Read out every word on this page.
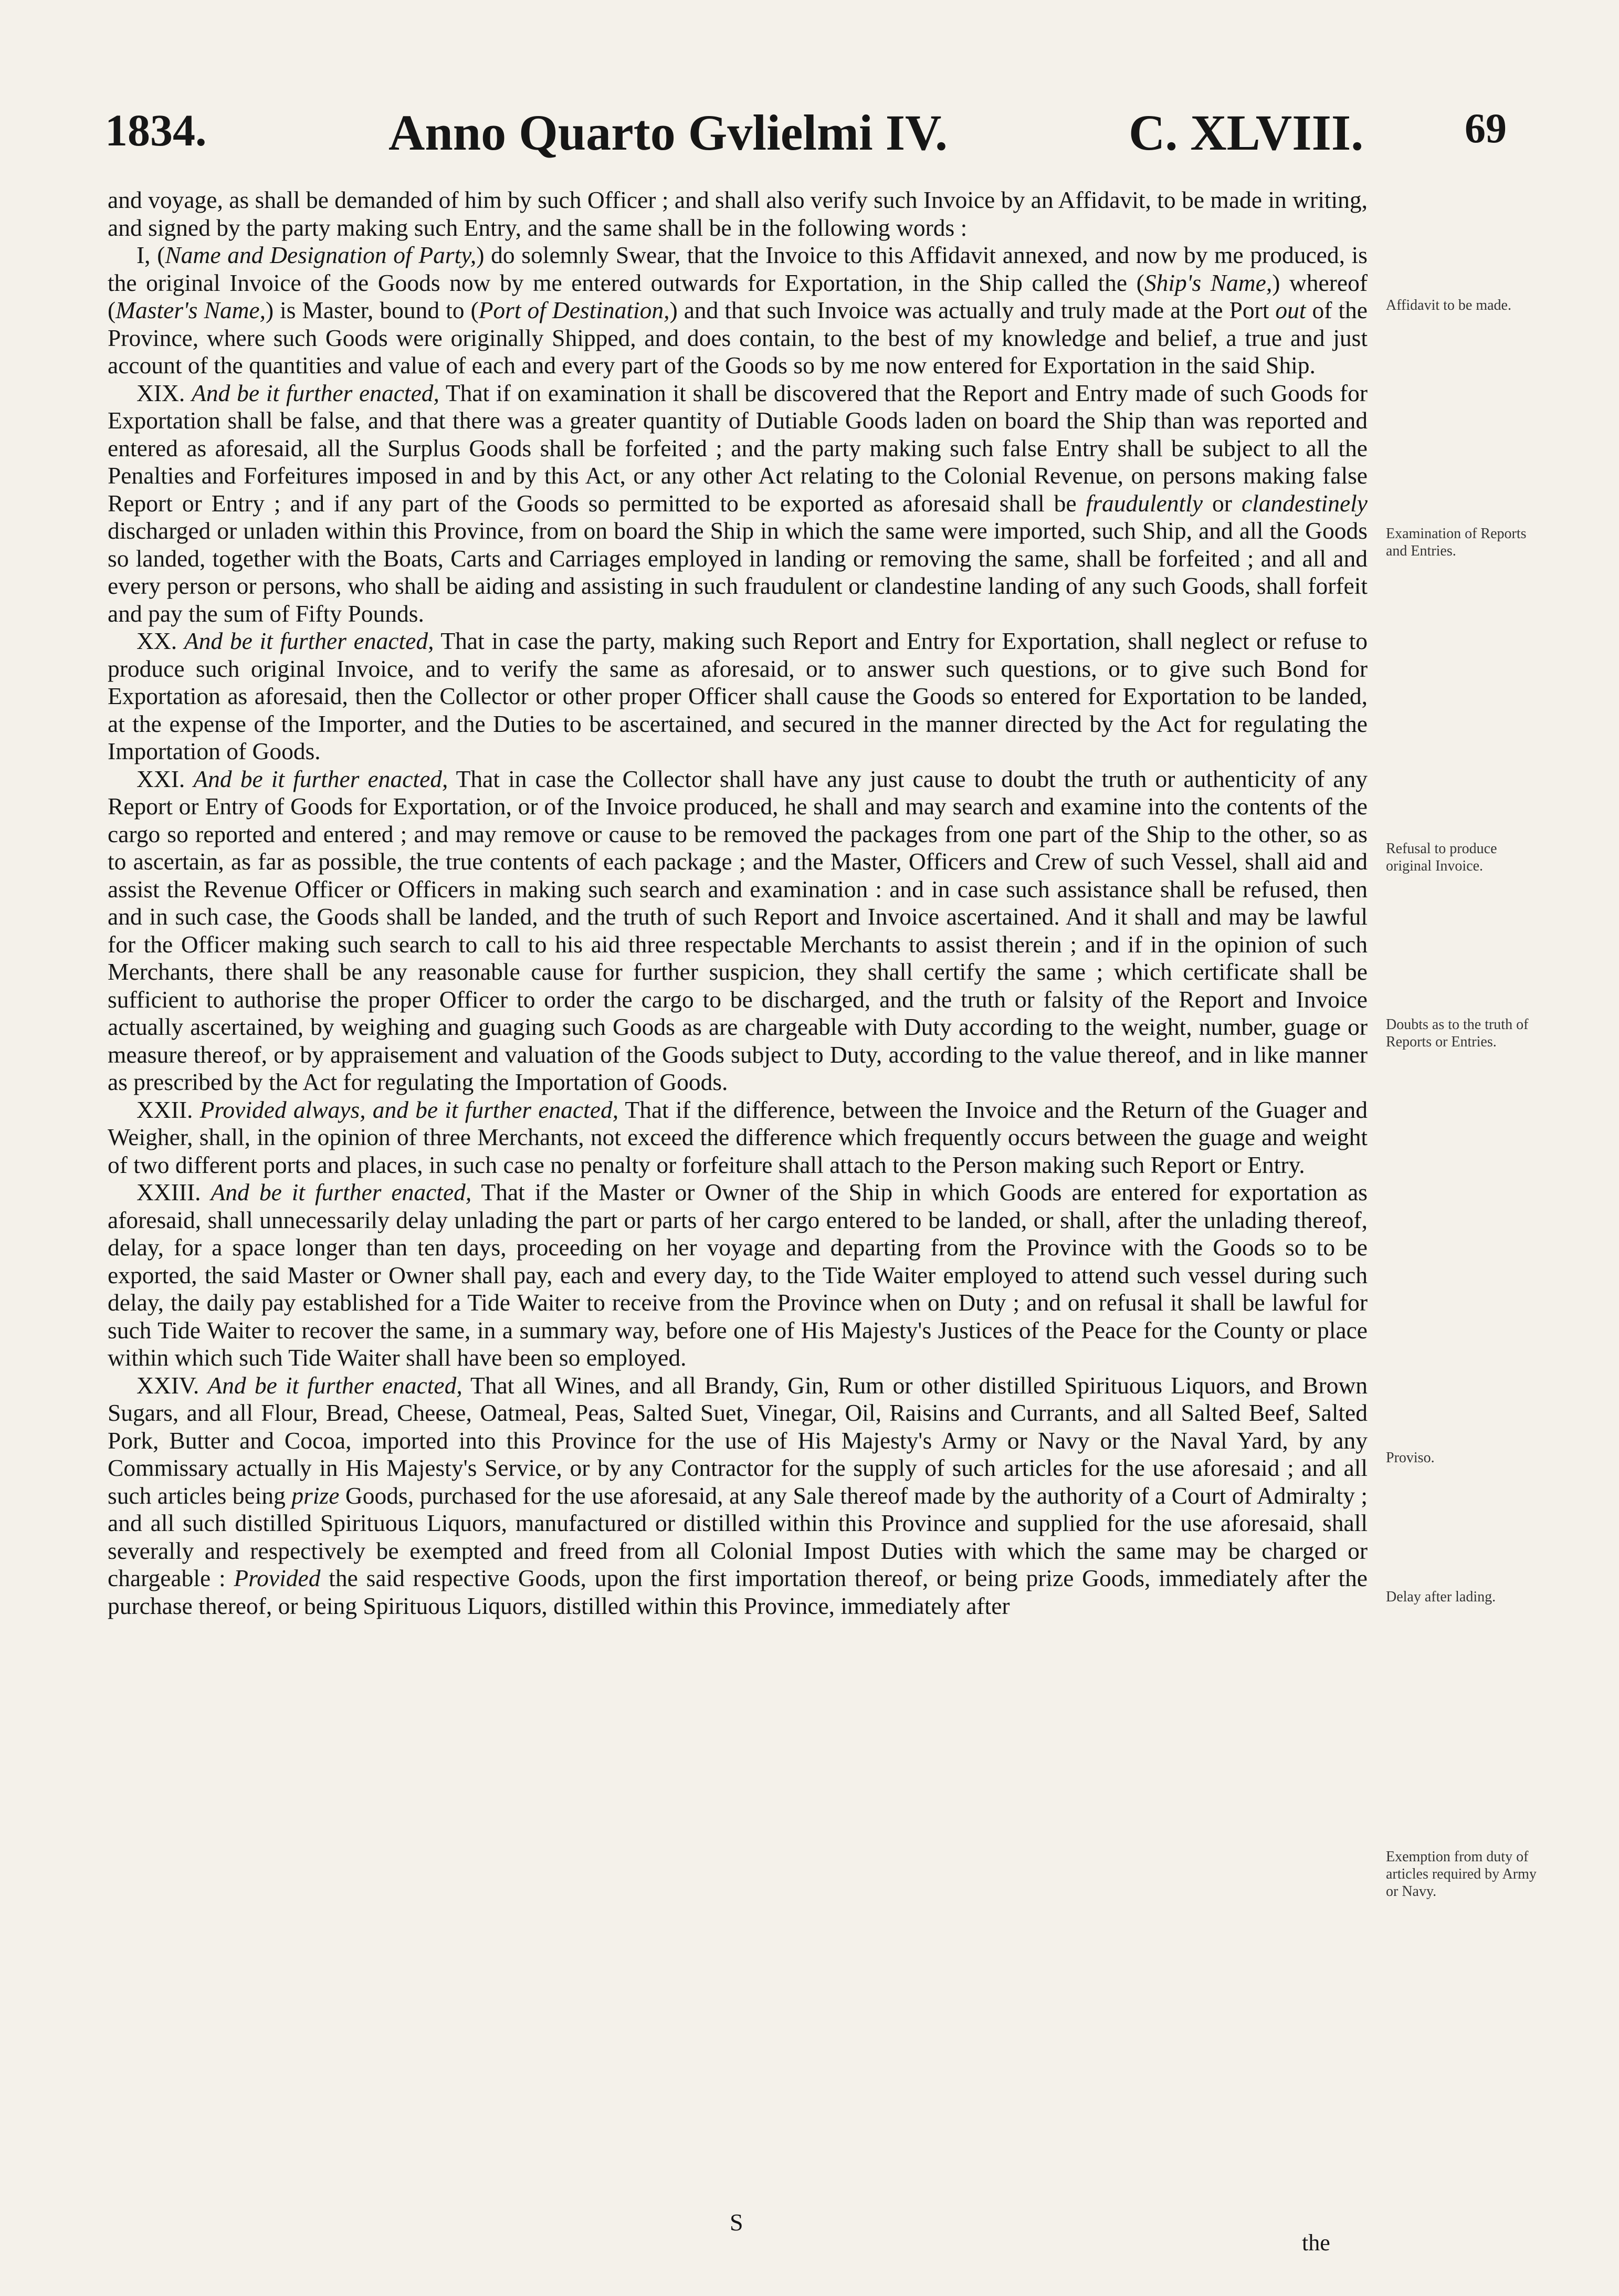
1834.	Anno Quarto Gvlielmi IV.	C. XLVIII. 69

and voyage, as shall be demanded of him by such Officer ; and shall also verify such Invoice by an Affidavit, to be made in writing, and signed by the party making such Entry, and the same shall be in the following words :

I, (Name and Designation of Party,) do solemnly Swear, that the Invoice to this Affidavit annexed, and now by me produced, is the original Invoice of the Goods now by me entered outwards for Exportation, in the Ship called the (Ship's Name,) whereof (Master's Name,) is Master, bound to (Port of Destination,) and that such Invoice was actually and truly made at the Port out of the Province, where such Goods were originally Shipped, and does contain, to the best of my knowledge and belief, a true and just account of the quantities and value of each and every part of the Goods so by me now entered for Exportation in the said Ship.

XIX. And be it further enacted, That if on examination it shall be discovered that the Report and Entry made of such Goods for Exportation shall be false, and that there was a greater quantity of Dutiable Goods laden on board the Ship than was reported and entered as aforesaid, all the Surplus Goods shall be forfeited ; and the party making such false Entry shall be subject to all the Penalties and Forfeitures imposed in and by this Act, or any other Act relating to the Colonial Revenue, on persons making false Report or Entry ; and if any part of the Goods so permitted to be exported as aforesaid shall be fraudulently or clandestinely discharged or unladen within this Province, from on board the Ship in which the same were imported, such Ship, and all the Goods so landed, together with the Boats, Carts and Carriages employed in landing or removing the same, shall be forfeited ; and all and every person or persons, who shall be aiding and assisting in such fraudulent or clandestine landing of any such Goods, shall forfeit and pay the sum of Fifty Pounds.

XX. And be it further enacted, That in case the party, making such Report and Entry for Exportation, shall neglect or refuse to produce such original Invoice, and to verify the same as aforesaid, or to answer such questions, or to give such Bond for Exportation as aforesaid, then the Collector or other proper Officer shall cause the Goods so entered for Exportation to be landed, at the expense of the Importer, and the Duties to be ascertained, and secured in the manner directed by the Act for regulating the Importation of Goods.

XXI. And be it further enacted, That in case the Collector shall have any just cause to doubt the truth or authenticity of any Report or Entry of Goods for Exportation, or of the Invoice produced, he shall and may search and examine into the contents of the cargo so reported and entered ; and may remove or cause to be removed the packages from one part of the Ship to the other, so as to ascertain, as far as possible, the true contents of each package ; and the Master, Officers and Crew of such Vessel, shall aid and assist the Revenue Officer or Officers in making such search and examination : and in case such assistance shall be refused, then and in such case, the Goods shall be landed, and the truth of such Report and Invoice ascertained. And it shall and may be lawful for the Officer making such search to call to his aid three respectable Merchants to assist therein ; and if in the opinion of such Merchants, there shall be any reasonable cause for further suspicion, they shall certify the same ; which certificate shall be sufficient to authorise the proper Officer to order the cargo to be discharged, and the truth or falsity of the Report and Invoice actually ascertained, by weighing and guaging such Goods as are chargeable with Duty according to the weight, number, guage or measure thereof, or by appraisement and valuation of the Goods subject to Duty, according to the value thereof, and in like manner as prescribed by the Act for regulating the Importation of Goods.

XXII. Provided always, and be it further enacted, That if the difference, between the Invoice and the Return of the Guager and Weigher, shall, in the opinion of three Merchants, not exceed the difference which frequently occurs between the guage and weight of two different ports and places, in such case no penalty or forfeiture shall attach to the Person making such Report or Entry.

XXIII. And be it further enacted, That if the Master or Owner of the Ship in which Goods are entered for exportation as aforesaid, shall unnecessarily delay unlading the part or parts of her cargo entered to be landed, or shall, after the unlading thereof, delay, for a space longer than ten days, proceeding on her voyage and departing from the Province with the Goods so to be exported, the said Master or Owner shall pay, each and every day, to the Tide Waiter employed to attend such vessel during such delay, the daily pay established for a Tide Waiter to receive from the Province when on Duty ; and on refusal it shall be lawful for such Tide Waiter to recover the same, in a summary way, before one of His Majesty's Justices of the Peace for the County or place within which such Tide Waiter shall have been so employed.

XXIV. And be it further enacted, That all Wines, and all Brandy, Gin, Rum or other distilled Spirituous Liquors, and Brown Sugars, and all Flour, Bread, Cheese, Oatmeal, Peas, Salted Suet, Vinegar, Oil, Raisins and Currants, and all Salted Beef, Salted Pork, Butter and Cocoa, imported into this Province for the use of His Majesty's Army or Navy or the Naval Yard, by any Commissary actually in His Majesty's Service, or by any Contractor for the supply of such articles for the use aforesaid ; and all such articles being prize Goods, purchased for the use aforesaid, at any Sale thereof made by the authority of a Court of Admiralty ; and all such distilled Spirituous Liquors, manufactured or distilled within this Province and supplied for the use aforesaid, shall severally and respectively be exempted and freed from all Colonial Impost Duties with which the same may be charged or chargeable : Provided the said respective Goods, upon the first importation thereof, or being prize Goods, immediately after the purchase thereof, or being Spirituous Liquors, distilled within this Province, immediately after

Affidavit to be made.
Examination of Reports and Entries.
Refusal to produce original Invoice.
Doubts as to the truth of Reports or Entries.
Proviso.
Delay after lading.
Exemption from duty of articles required by Army or Navy.
S
the
